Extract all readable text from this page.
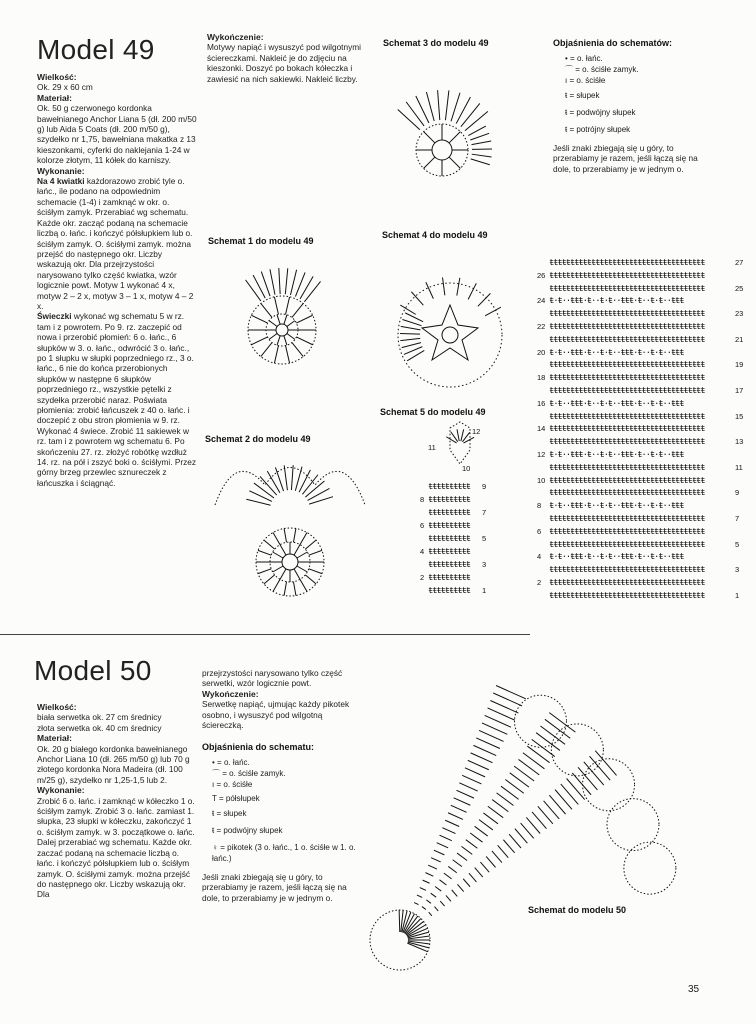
Model 49
Wielkość:
Ok. 29 x 60 cm
Materiał:
Ok. 50 g czerwonego kordonka bawełnianego Anchor Liana 5 (dł. 200 m/50 g) lub Aida 5 Coats (dł. 200 m/50 g), szydełko nr 1,75, bawełniana makatka z 13 kieszonkami, cyferki do naklejania 1-24 w kolorze złotym, 11 kółek do karniszy.
Wykonanie:
Na 4 kwiatki każdorazowo zrobić tyle o. łańc., ile podano na odpowiednim schemacie (1-4) i zamknąć w okr. o. ściśłym zamyk. Przerabiać wg schematu. Każde okr. zacząć podaną na schemacie liczbą o. łańc. i kończyć półsłupkiem lub o. ściśłym zamyk. O. ściśłymi zamyk. można przejść do następnego okr. Liczby wskazują okr. Dla przejrzystości narysowano tylko część kwiatka, wzór logicznie powt. Motyw 1 wykonać 4 x, motyw 2 – 2 x, motyw 3 – 1 x, motyw 4 – 2 x.
Świeczki wykonać wg schematu 5 w rz. tam i z powrotem. Po 9. rz. zaczepić od nowa i przerobić płomień: 6 o. łańc., 6 słupków w 3. o. łańc., odwrócić 3 o. łańc., po 1 słupku w słupki poprzedniego rz., 3 o. łańc., 6 nie do końca przerobionych słupków w następne 6 słupków poprzedniego rz., wszystkie pętelki z szydełka przerobić naraz. Poświata płomienia: zrobić łańcuszek z 40 o. łańc. i doczepić z obu stron płomienia w 9. rz. Wykonać 4 świece. Zrobić 11 sakiewek w rz. tam i z powrotem wg schematu 6. Po skończeniu 27. rz. złożyć robótkę wzdłuż 14. rz. na pół i zszyć boki o. ściśłymi. Przez górny brzeg przewlec sznureczek z łańcuszka i ściągnąć.
Wykończenie:
Motywy napiąć i wysuszyć pod wilgotnymi ściereczkami. Nakleić je do zdjęciu na kieszonki. Doszyć po bokach kółeczka i zawiesić na nich sakiewki. Nakleić liczby.
Schemat 3 do modelu 49
Schemat 1 do modelu 49
Schemat 4 do modelu 49
Schemat 2 do modelu 49
Schemat 5 do modelu 49
Objaśnienia do schematów:
• = o. łańc.
⌒ = o. ściśłe zamyk.
ı = o. ściśłe
ŧ = słupek
ŧ = podwójny słupek
ŧ = potrójny słupek
Jeśli znaki zbiegają się u góry, to przerabiamy je razem, jeśli łączą się na dole, to przerabiamy je w jednym o.
12
11
10
9
ŧŧŧŧŧŧŧŧŧŧ
8 ŧŧŧŧŧŧŧŧŧŧ
7
ŧŧŧŧŧŧŧŧŧŧ
6 ŧŧŧŧŧŧŧŧŧŧ
5
ŧŧŧŧŧŧŧŧŧŧ
4 ŧŧŧŧŧŧŧŧŧŧ
3
ŧŧŧŧŧŧŧŧŧŧ
2 ŧŧŧŧŧŧŧŧŧŧ
1
ŧŧŧŧŧŧŧŧŧŧ
27
ŧŧŧŧŧŧŧŧŧŧŧŧŧŧŧŧŧŧŧŧŧŧŧŧŧŧŧŧŧŧŧŧŧŧŧŧŧ
26 ŧŧŧŧŧŧŧŧŧŧŧŧŧŧŧŧŧŧŧŧŧŧŧŧŧŧŧŧŧŧŧŧŧŧŧŧŧ
25
ŧŧŧŧŧŧŧŧŧŧŧŧŧŧŧŧŧŧŧŧŧŧŧŧŧŧŧŧŧŧŧŧŧŧŧŧŧ
24 ŧ·ŧ··ŧŧŧ·ŧ··ŧ·ŧ··ŧŧŧ·ŧ··ŧ·ŧ··ŧŧŧ
23
ŧŧŧŧŧŧŧŧŧŧŧŧŧŧŧŧŧŧŧŧŧŧŧŧŧŧŧŧŧŧŧŧŧŧŧŧŧ
22 ŧŧŧŧŧŧŧŧŧŧŧŧŧŧŧŧŧŧŧŧŧŧŧŧŧŧŧŧŧŧŧŧŧŧŧŧŧ
21
ŧŧŧŧŧŧŧŧŧŧŧŧŧŧŧŧŧŧŧŧŧŧŧŧŧŧŧŧŧŧŧŧŧŧŧŧŧ
20 ŧ·ŧ··ŧŧŧ·ŧ··ŧ·ŧ··ŧŧŧ·ŧ··ŧ·ŧ··ŧŧŧ
19
ŧŧŧŧŧŧŧŧŧŧŧŧŧŧŧŧŧŧŧŧŧŧŧŧŧŧŧŧŧŧŧŧŧŧŧŧŧ
18 ŧŧŧŧŧŧŧŧŧŧŧŧŧŧŧŧŧŧŧŧŧŧŧŧŧŧŧŧŧŧŧŧŧŧŧŧŧ
17
ŧŧŧŧŧŧŧŧŧŧŧŧŧŧŧŧŧŧŧŧŧŧŧŧŧŧŧŧŧŧŧŧŧŧŧŧŧ
16 ŧ·ŧ··ŧŧŧ·ŧ··ŧ·ŧ··ŧŧŧ·ŧ··ŧ·ŧ··ŧŧŧ
15
ŧŧŧŧŧŧŧŧŧŧŧŧŧŧŧŧŧŧŧŧŧŧŧŧŧŧŧŧŧŧŧŧŧŧŧŧŧ
14 ŧŧŧŧŧŧŧŧŧŧŧŧŧŧŧŧŧŧŧŧŧŧŧŧŧŧŧŧŧŧŧŧŧŧŧŧŧ
13
ŧŧŧŧŧŧŧŧŧŧŧŧŧŧŧŧŧŧŧŧŧŧŧŧŧŧŧŧŧŧŧŧŧŧŧŧŧ
12 ŧ·ŧ··ŧŧŧ·ŧ··ŧ·ŧ··ŧŧŧ·ŧ··ŧ·ŧ··ŧŧŧ
11
ŧŧŧŧŧŧŧŧŧŧŧŧŧŧŧŧŧŧŧŧŧŧŧŧŧŧŧŧŧŧŧŧŧŧŧŧŧ
10 ŧŧŧŧŧŧŧŧŧŧŧŧŧŧŧŧŧŧŧŧŧŧŧŧŧŧŧŧŧŧŧŧŧŧŧŧŧ
9
ŧŧŧŧŧŧŧŧŧŧŧŧŧŧŧŧŧŧŧŧŧŧŧŧŧŧŧŧŧŧŧŧŧŧŧŧŧ
8 ŧ·ŧ··ŧŧŧ·ŧ··ŧ·ŧ··ŧŧŧ·ŧ··ŧ·ŧ··ŧŧŧ
7
ŧŧŧŧŧŧŧŧŧŧŧŧŧŧŧŧŧŧŧŧŧŧŧŧŧŧŧŧŧŧŧŧŧŧŧŧŧ
6 ŧŧŧŧŧŧŧŧŧŧŧŧŧŧŧŧŧŧŧŧŧŧŧŧŧŧŧŧŧŧŧŧŧŧŧŧŧ
5
ŧŧŧŧŧŧŧŧŧŧŧŧŧŧŧŧŧŧŧŧŧŧŧŧŧŧŧŧŧŧŧŧŧŧŧŧŧ
4 ŧ·ŧ··ŧŧŧ·ŧ··ŧ·ŧ··ŧŧŧ·ŧ··ŧ·ŧ··ŧŧŧ
3
ŧŧŧŧŧŧŧŧŧŧŧŧŧŧŧŧŧŧŧŧŧŧŧŧŧŧŧŧŧŧŧŧŧŧŧŧŧ
2 ŧŧŧŧŧŧŧŧŧŧŧŧŧŧŧŧŧŧŧŧŧŧŧŧŧŧŧŧŧŧŧŧŧŧŧŧŧ
1
ŧŧŧŧŧŧŧŧŧŧŧŧŧŧŧŧŧŧŧŧŧŧŧŧŧŧŧŧŧŧŧŧŧŧŧŧŧ
Model 50
Wielkość:
biała serwetka ok. 27 cm średnicy
złota serwetka ok. 40 cm średnicy
Materiał:
Ok. 20 g białego kordonka bawełnianego Anchor Liana 10 (dł. 265 m/50 g) lub 70 g złotego kordonka Nora Madeira (dł. 100 m/25 g), szydełko nr 1,25-1,5 lub 2.
Wykonanie:
Zrobić 6 o. łańc. i zamknąć w kółeczko 1 o. ściśłym zamyk. Zrobić 3 o. łańc. zamiast 1. słupka, 23 słupki w kółeczku, zakończyć 1 o. ściśłym zamyk. w 3. początkowe o. łańc. Dalej przerabiać wg schematu. Każde okr. zaczać podaną na schemacie liczbą o. łańc. i kończyć półsłupkiem lub o. ściśłym zamyk. O. ściśłymi zamyk. można przejść do następnego okr. Liczby wskazują okr. Dla
przejrzystości narysowano tylko część serwetki, wzór logicznie powt.
Wykończenie:
Serwetkę napiąć, ujmując każdy pikotek osobno, i wysuszyć pod wilgotną ściereczką.
Objaśnienia do schematu:
• = o. łańc.
⌒ = o. ściśłe zamyk.
ı = o. ściśłe
T = półsłupek
ŧ = słupek
ŧ = podwójny słupek
♀ = pikotek (3 o. łańc., 1 o. ściśłe w 1. o. łańc.)
Jeśli znaki zbiegają się u góry, to przerabiamy je razem, jeśli łączą się na dole, to przerabiamy je w jednym o.
Schemat do modelu 50
35
